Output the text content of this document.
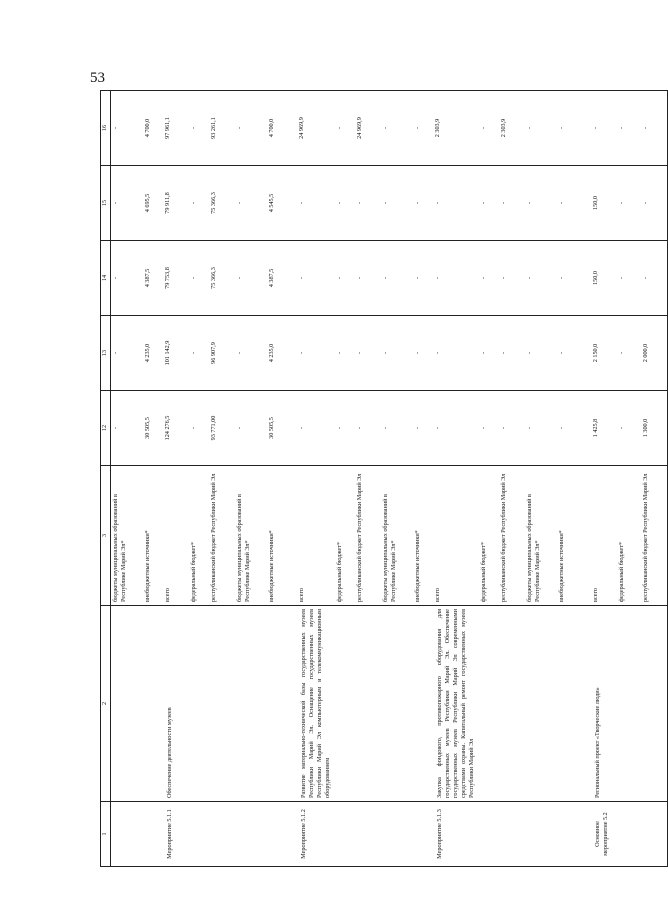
53
1	2	3	12	13	14	15	16
		бюджеты муниципальных образований в Республике Марий Эл*	-	-	-	-	-
		внебюджетные источники*	30 505,5	4 235,0	4 387,5	4 695,5	4 700,0
Мероприятие 5.1.1	Обеспечение деятельности музеев	всего	124 276,5	101 142,9	79 753,8	79 911,8	97 961,1
		федеральный бюджет*	-	-	-	-	-
		республиканский бюджет Республики Марий Эл	93 771,00	96 907,9	75 366,3	75 366,3	93 261,1
		бюджеты муниципальных образований в Республике Марий Эл*	-	-	-	-	-
		внебюджетные источники*	30 505,5	4 235,0	4 387,5	4 545,5	4 700,0
Мероприятие 5.1.2	Развитие материально-технической базы государственных музеев Республики Марий Эл. Оснащение государственных музеев Республики Марий Эл компьютерным и телекоммуникационным оборудованием	всего	-	-	-	-	24 969,9
		федеральный бюджет*	-	-	-	-	-
		республиканский бюджет Республики Марий Эл	-	-	-	-	24 969,9
		бюджеты муниципальных образований в Республике Марий Эл*	-	-	-	-	-
		внебюджетные источники*	-	-	-	-	-
Мероприятие 5.1.3	Закупка фондового, противопожарного оборудования для государственных музеев Республики Марий Эл. Обеспечение государственных музеев Республики Марий Эл современными средствами охраны. Капитальный ремонт государственных музеев Республики Марий Эл	всего	-	-	-	-	2 303,9
		федеральный бюджет*	-	-	-	-	-
		республиканский бюджет Республики Марий Эл	-	-	-	-	2 303,9
		бюджеты муниципальных образований в Республике Марий Эл*	-	-	-	-	-
		внебюджетные источники*	-	-	-	-	-
Основное мероприятие 5.2	Региональный проект «Творческие люди»	всего	1 425,8	2 150,0	150,0	150,0	-
		федеральный бюджет*	-	-	-	-	-
		республиканский бюджет Республики Марий Эл	1 300,0	2 000,0	-	-	-
